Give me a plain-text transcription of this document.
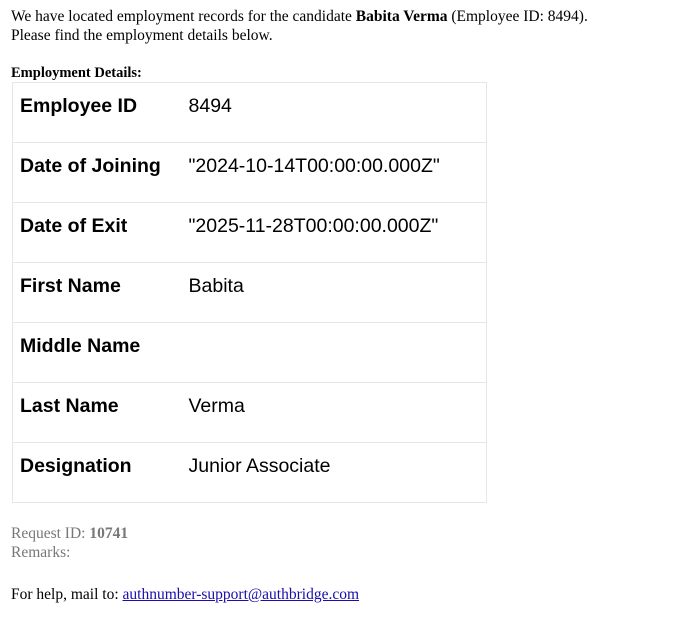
We have located employment records for the candidate Babita Verma (Employee ID: 8494).
Please find the employment details below.
Employment Details:
Employee ID	8494
Date of Joining	"2024-10-14T00:00:00.000Z"
Date of Exit	"2025-11-28T00:00:00.000Z"
First Name	Babita
Middle Name	
Last Name	Verma
Designation	Junior Associate
Request ID: 10741
Remarks:
For help, mail to: authnumber-support@authbridge.com
